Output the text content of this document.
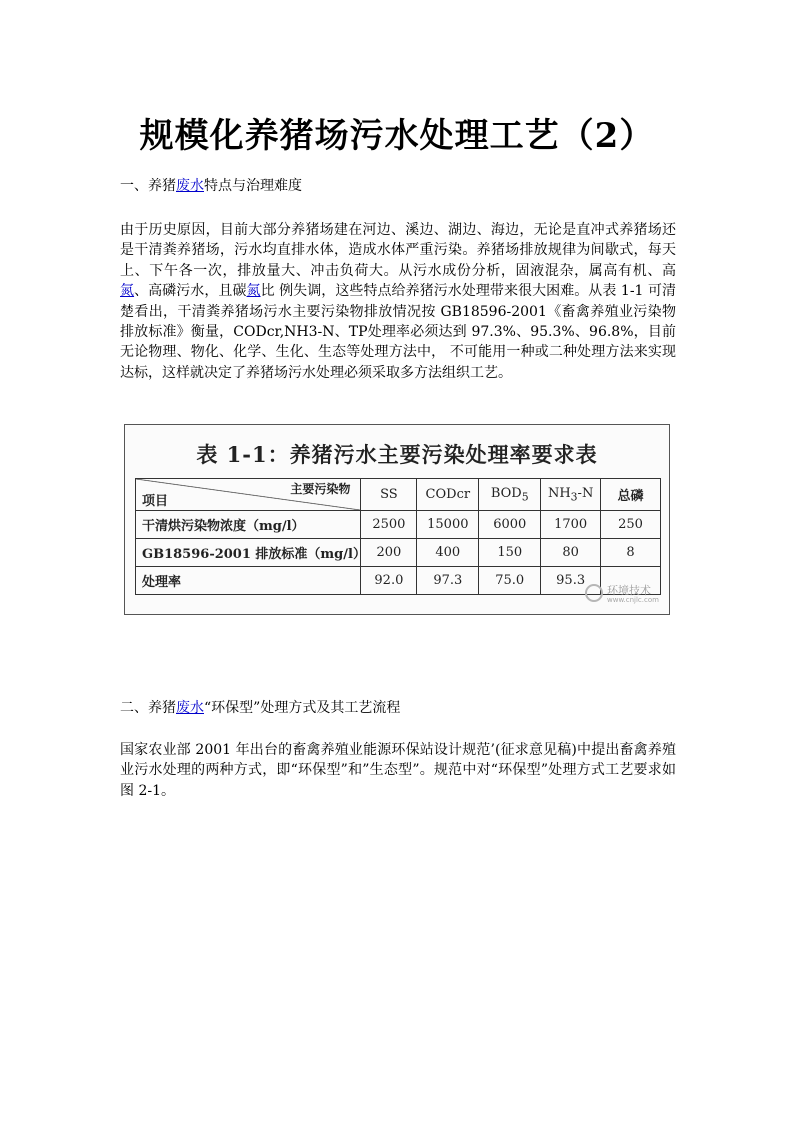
规模化养猪场污水处理工艺（2）

一、养猪废水特点与治理难度

由于历史原因，目前大部分养猪场建在河边、溪边、湖边、海边，无论是直冲式养猪场还是干清粪养猪场，污水均直排水体，造成水体严重污染。养猪场排放规律为间歇式，每天上、下午各一次，排放量大、冲击负荷大。从污水成份分析，固液混杂，属高有机、高氮、高磷污水，且碳氮比 例失调，这些特点给养猪污水处理带来很大困难。从表 1-1 可清楚看出，干清粪养猪场污水主要污染物排放情况按 GB18596-2001《畜禽养殖业污染物 排放标准》衡量，CODcr,NH3-N、TP处理率必须达到 97.3%、95.3%、96.8%，目前无论物理、物化、化学、生化、生态等处理方法中， 不可能用一种或二种处理方法来实现达标，这样就决定了养猪场污水处理必须采取多方法组织工艺。

表 1-1：养猪污水主要污染处理率要求表
主要污染物
项目	SS	CODcr	$BOD_5$	$NH_3-N$	总磷
干清烘污染物浓度（mg/l）	2500	15000	6000	1700	250
GB18596-2001 排放标准（mg/l）	200	400	150	80	8
处理率	92.0	97.3	75.0	95.3	
环境技术
www.cnjlc.com

二、养猪废水“环保型”处理方式及其工艺流程

国家农业部 2001 年出台的畜禽养殖业能源环保站设计规范’(征求意见稿)中提出畜禽养殖业污水处理的两种方式，即“环保型”和”生态型”。规范中对“环保型”处理方式工艺要求如图 2-1。
